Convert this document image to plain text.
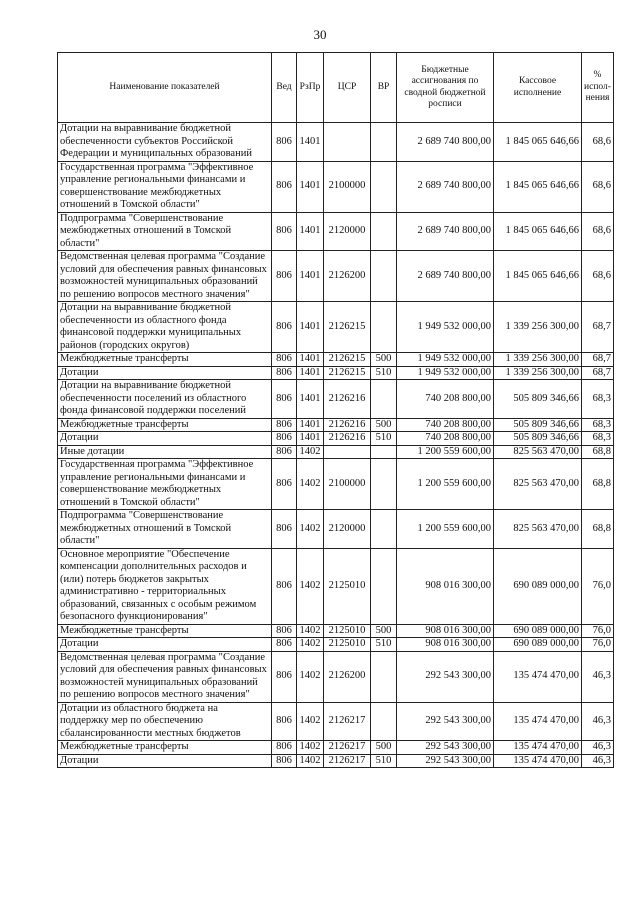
30
Наименование показателей	Вед	РзПр	ЦСР	ВР	Бюджетные ассигнования по сводной бюджетной росписи	Кассовое исполнение	% испол-нения
Дотации на выравнивание бюджетной обеспеченности субъектов Российской Федерации и муниципальных образований	806	1401			2 689 740 800,00	1 845 065 646,66	68,6
Государственная программа "Эффективное управление региональными финансами и совершенствование межбюджетных отношений в Томской области"	806	1401	2100000		2 689 740 800,00	1 845 065 646,66	68,6
Подпрограмма "Совершенствование межбюджетных отношений в Томской области"	806	1401	2120000		2 689 740 800,00	1 845 065 646,66	68,6
Ведомственная целевая программа "Создание условий для обеспечения равных финансовых возможностей муниципальных образований по решению вопросов местного значения"	806	1401	2126200		2 689 740 800,00	1 845 065 646,66	68,6
Дотации на выравнивание бюджетной обеспеченности из областного фонда финансовой поддержки муниципальных районов (городских округов)	806	1401	2126215		1 949 532 000,00	1 339 256 300,00	68,7
Межбюджетные трансферты	806	1401	2126215	500	1 949 532 000,00	1 339 256 300,00	68,7
Дотации	806	1401	2126215	510	1 949 532 000,00	1 339 256 300,00	68,7
Дотации на выравнивание бюджетной обеспеченности поселений из областного фонда финансовой поддержки поселений	806	1401	2126216		740 208 800,00	505 809 346,66	68,3
Межбюджетные трансферты	806	1401	2126216	500	740 208 800,00	505 809 346,66	68,3
Дотации	806	1401	2126216	510	740 208 800,00	505 809 346,66	68,3
Иные дотации	806	1402			1 200 559 600,00	825 563 470,00	68,8
Государственная программа "Эффективное управление региональными финансами и совершенствование межбюджетных отношений в Томской области"	806	1402	2100000		1 200 559 600,00	825 563 470,00	68,8
Подпрограмма "Совершенствование межбюджетных отношений в Томской области"	806	1402	2120000		1 200 559 600,00	825 563 470,00	68,8
Основное мероприятие "Обеспечение компенсации дополнительных расходов и (или) потерь бюджетов закрытых административно - территориальных образований, связанных с особым режимом безопасного функционирования"	806	1402	2125010		908 016 300,00	690 089 000,00	76,0
Межбюджетные трансферты	806	1402	2125010	500	908 016 300,00	690 089 000,00	76,0
Дотации	806	1402	2125010	510	908 016 300,00	690 089 000,00	76,0
Ведомственная целевая программа "Создание условий для обеспечения равных финансовых возможностей муниципальных образований по решению вопросов местного значения"	806	1402	2126200		292 543 300,00	135 474 470,00	46,3
Дотации из областного бюджета на поддержку мер по обеспечению сбалансированности местных бюджетов	806	1402	2126217		292 543 300,00	135 474 470,00	46,3
Межбюджетные трансферты	806	1402	2126217	500	292 543 300,00	135 474 470,00	46,3
Дотации	806	1402	2126217	510	292 543 300,00	135 474 470,00	46,3
